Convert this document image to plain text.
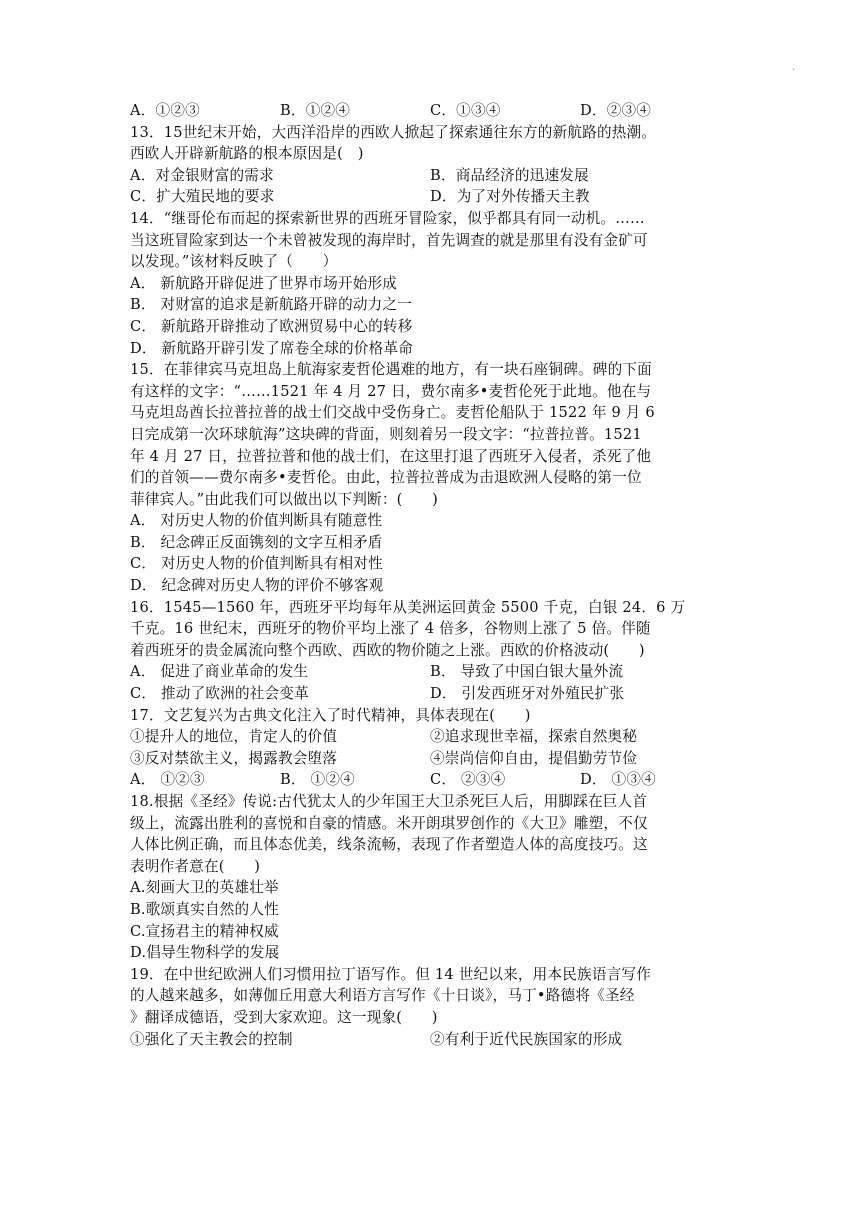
.
A．①②③	B．①②④	C．①③④	D．②③④
13．15世纪末开始，大西洋沿岸的西欧人掀起了探索通往东方的新航路的热潮。
西欧人开辟新航路的根本原因是(　)
A．对金银财富的需求	B．商品经济的迅速发展
C．扩大殖民地的要求	D．为了对外传播天主教
14．“继哥伦布而起的探索新世界的西班牙冒险家，似乎都具有同一动机。……
当这班冒险家到达一个未曾被发现的海岸时，首先调查的就是那里有没有金矿可
以发现。”该材料反映了（　　）
A． 新航路开辟促进了世界市场开始形成
B． 对财富的追求是新航路开辟的动力之一
C． 新航路开辟推动了欧洲贸易中心的转移
D． 新航路开辟引发了席卷全球的价格革命
15．在菲律宾马克坦岛上航海家麦哲伦遇难的地方，有一块石座铜碑。碑的下面
有这样的文字：“……1521 年 4 月 27 日，费尔南多•麦哲伦死于此地。他在与
马克坦岛酋长拉普拉普的战士们交战中受伤身亡。麦哲伦船队于 1522 年 9 月 6
日完成第一次环球航海”这块碑的背面，则刻着另一段文字：“拉普拉普。1521
年 4 月 27 日，拉普拉普和他的战士们，在这里打退了西班牙入侵者，杀死了他
们的首领——费尔南多•麦哲伦。由此，拉普拉普成为击退欧洲人侵略的第一位
菲律宾人。”由此我们可以做出以下判断：(　　)
A． 对历史人物的价值判断具有随意性
B． 纪念碑正反面镌刻的文字互相矛盾
C． 对历史人物的价值判断具有相对性
D． 纪念碑对历史人物的评价不够客观
16．1545—1560 年，西班牙平均每年从美洲运回黄金 5500 千克，白银 24．6 万
千克。16 世纪末，西班牙的物价平均上涨了 4 倍多，谷物则上涨了 5 倍。伴随
着西班牙的贵金属流向整个西欧、西欧的物价随之上涨。西欧的价格波动(　　)
A． 促进了商业革命的发生	B． 导致了中国白银大量外流
C． 推动了欧洲的社会变革	D． 引发西班牙对外殖民扩张
17．文艺复兴为古典文化注入了时代精神，具体表现在(　　)
①提升人的地位，肯定人的价值	②追求现世幸福，探索自然奥秘
③反对禁欲主义，揭露教会堕落	④崇尚信仰自由，提倡勤劳节俭
A． ①②③	B． ①②④	C． ②③④	D． ①③④
18.根据《圣经》传说:古代犹太人的少年国王大卫杀死巨人后，用脚踩在巨人首
级上，流露出胜利的喜悦和自豪的情感。米开朗琪罗创作的《大卫》雕塑，不仅
人体比例正确，而且体态优美，线条流畅，表现了作者塑造人体的高度技巧。这
表明作者意在(　　)
A.刻画大卫的英雄壮举
B.歌颂真实自然的人性
C.宣扬君主的精神权威
D.倡导生物科学的发展
19．在中世纪欧洲人们习惯用拉丁语写作。但 14 世纪以来，用本民族语言写作
的人越来越多，如薄伽丘用意大利语方言写作《十日谈》，马丁•路德将《圣经
》翻译成德语，受到大家欢迎。这一现象(　　)
①强化了天主教会的控制	②有利于近代民族国家的形成
